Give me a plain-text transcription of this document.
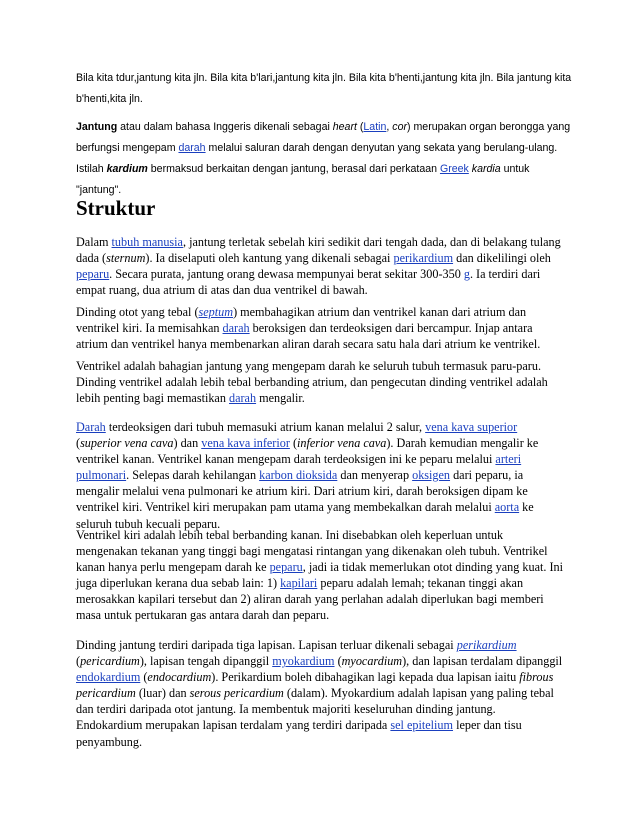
Bila kita tdur,jantung kita jln. Bila kita b'lari,jantung kita jln. Bila kita b'henti,jantung kita jln. Bila jantung kita b'henti,kita jln.

Jantung atau dalam bahasa Inggeris dikenali sebagai heart (Latin, cor) merupakan organ berongga yang berfungsi mengepam darah melalui saluran darah dengan denyutan yang sekata yang berulang-ulang. Istilah kardium bermaksud berkaitan dengan jantung, berasal dari perkataan Greek kardia untuk "jantung".

Struktur

Dalam tubuh manusia, jantung terletak sebelah kiri sedikit dari tengah dada, dan di belakang tulang dada (sternum). Ia diselaputi oleh kantung yang dikenali sebagai perikardium dan dikelilingi oleh peparu. Secara purata, jantung orang dewasa mempunyai berat sekitar 300-350 g. Ia terdiri dari empat ruang, dua atrium di atas dan dua ventrikel di bawah.

Dinding otot yang tebal (septum) membahagikan atrium dan ventrikel kanan dari atrium dan ventrikel kiri. Ia memisahkan darah beroksigen dan terdeoksigen dari bercampur. Injap antara atrium dan ventrikel hanya membenarkan aliran darah secara satu hala dari atrium ke ventrikel.

Ventrikel adalah bahagian jantung yang mengepam darah ke seluruh tubuh termasuk paru-paru. Dinding ventrikel adalah lebih tebal berbanding atrium, dan pengecutan dinding ventrikel adalah lebih penting bagi memastikan darah mengalir.

Darah terdeoksigen dari tubuh memasuki atrium kanan melalui 2 salur, vena kava superior (superior vena cava) dan vena kava inferior (inferior vena cava). Darah kemudian mengalir ke ventrikel kanan. Ventrikel kanan mengepam darah terdeoksigen ini ke peparu melalui arteri pulmonari. Selepas darah kehilangan karbon dioksida dan menyerap oksigen dari peparu, ia mengalir melalui vena pulmonari ke atrium kiri. Dari atrium kiri, darah beroksigen dipam ke ventrikel kiri. Ventrikel kiri merupakan pam utama yang membekalkan darah melalui aorta ke seluruh tubuh kecuali peparu.

Ventrikel kiri adalah lebih tebal berbanding kanan. Ini disebabkan oleh keperluan untuk mengenakan tekanan yang tinggi bagi mengatasi rintangan yang dikenakan oleh tubuh. Ventrikel kanan hanya perlu mengepam darah ke peparu, jadi ia tidak memerlukan otot dinding yang kuat. Ini juga diperlukan kerana dua sebab lain: 1) kapilari peparu adalah lemah; tekanan tinggi akan merosakkan kapilari tersebut dan 2) aliran darah yang perlahan adalah diperlukan bagi memberi masa untuk pertukaran gas antara darah dan peparu.

Dinding jantung terdiri daripada tiga lapisan. Lapisan terluar dikenali sebagai perikardium (pericardium), lapisan tengah dipanggil myokardium (myocardium), dan lapisan terdalam dipanggil endokardium (endocardium). Perikardium boleh dibahagikan lagi kepada dua lapisan iaitu fibrous pericardium (luar) dan serous pericardium (dalam). Myokardium adalah lapisan yang paling tebal dan terdiri daripada otot jantung. Ia membentuk majoriti keseluruhan dinding jantung. Endokardium merupakan lapisan terdalam yang terdiri daripada sel epitelium leper dan tisu penyambung.
